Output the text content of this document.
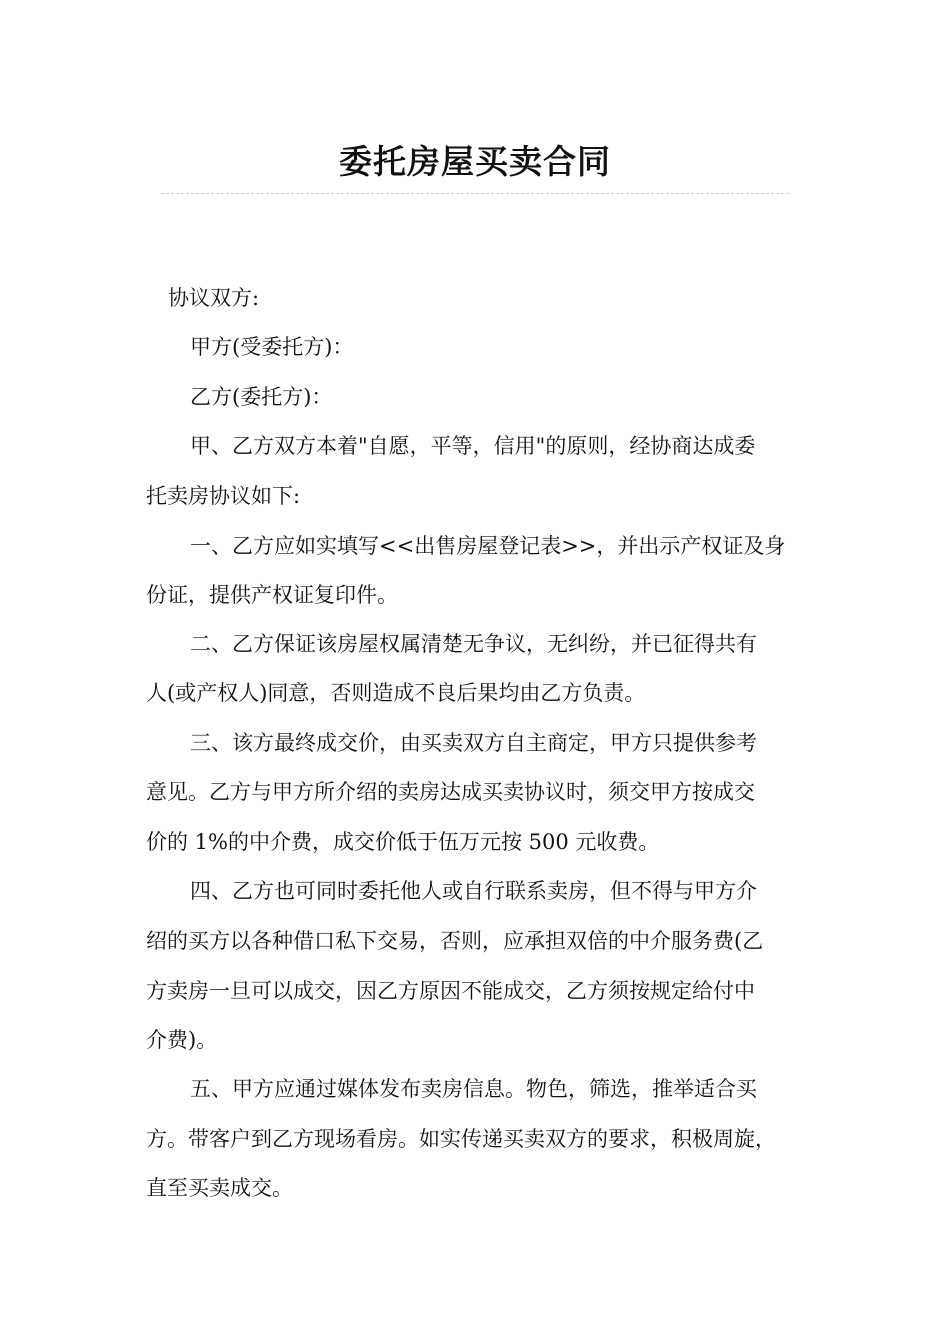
委托房屋买卖合同

协议双方:

甲方(受委托方)：

乙方(委托方)：

甲、乙方双方本着"自愿，平等，信用"的原则，经协商达成委

托卖房协议如下:

一、乙方应如实填写<<出售房屋登记表>>，并出示产权证及身

份证，提供产权证复印件。

二、乙方保证该房屋权属清楚无争议，无纠纷，并已征得共有

人(或产权人)同意，否则造成不良后果均由乙方负责。

三、该方最终成交价，由买卖双方自主商定，甲方只提供参考

意见。乙方与甲方所介绍的卖房达成买卖协议时，须交甲方按成交

价的 1%的中介费，成交价低于伍万元按 500 元收费。

四、乙方也可同时委托他人或自行联系卖房，但不得与甲方介

绍的买方以各种借口私下交易，否则，应承担双倍的中介服务费(乙

方卖房一旦可以成交，因乙方原因不能成交，乙方须按规定给付中

介费)。

五、甲方应通过媒体发布卖房信息。物色，筛选，推举适合买

方。带客户到乙方现场看房。如实传递买卖双方的要求，积极周旋，

直至买卖成交。
